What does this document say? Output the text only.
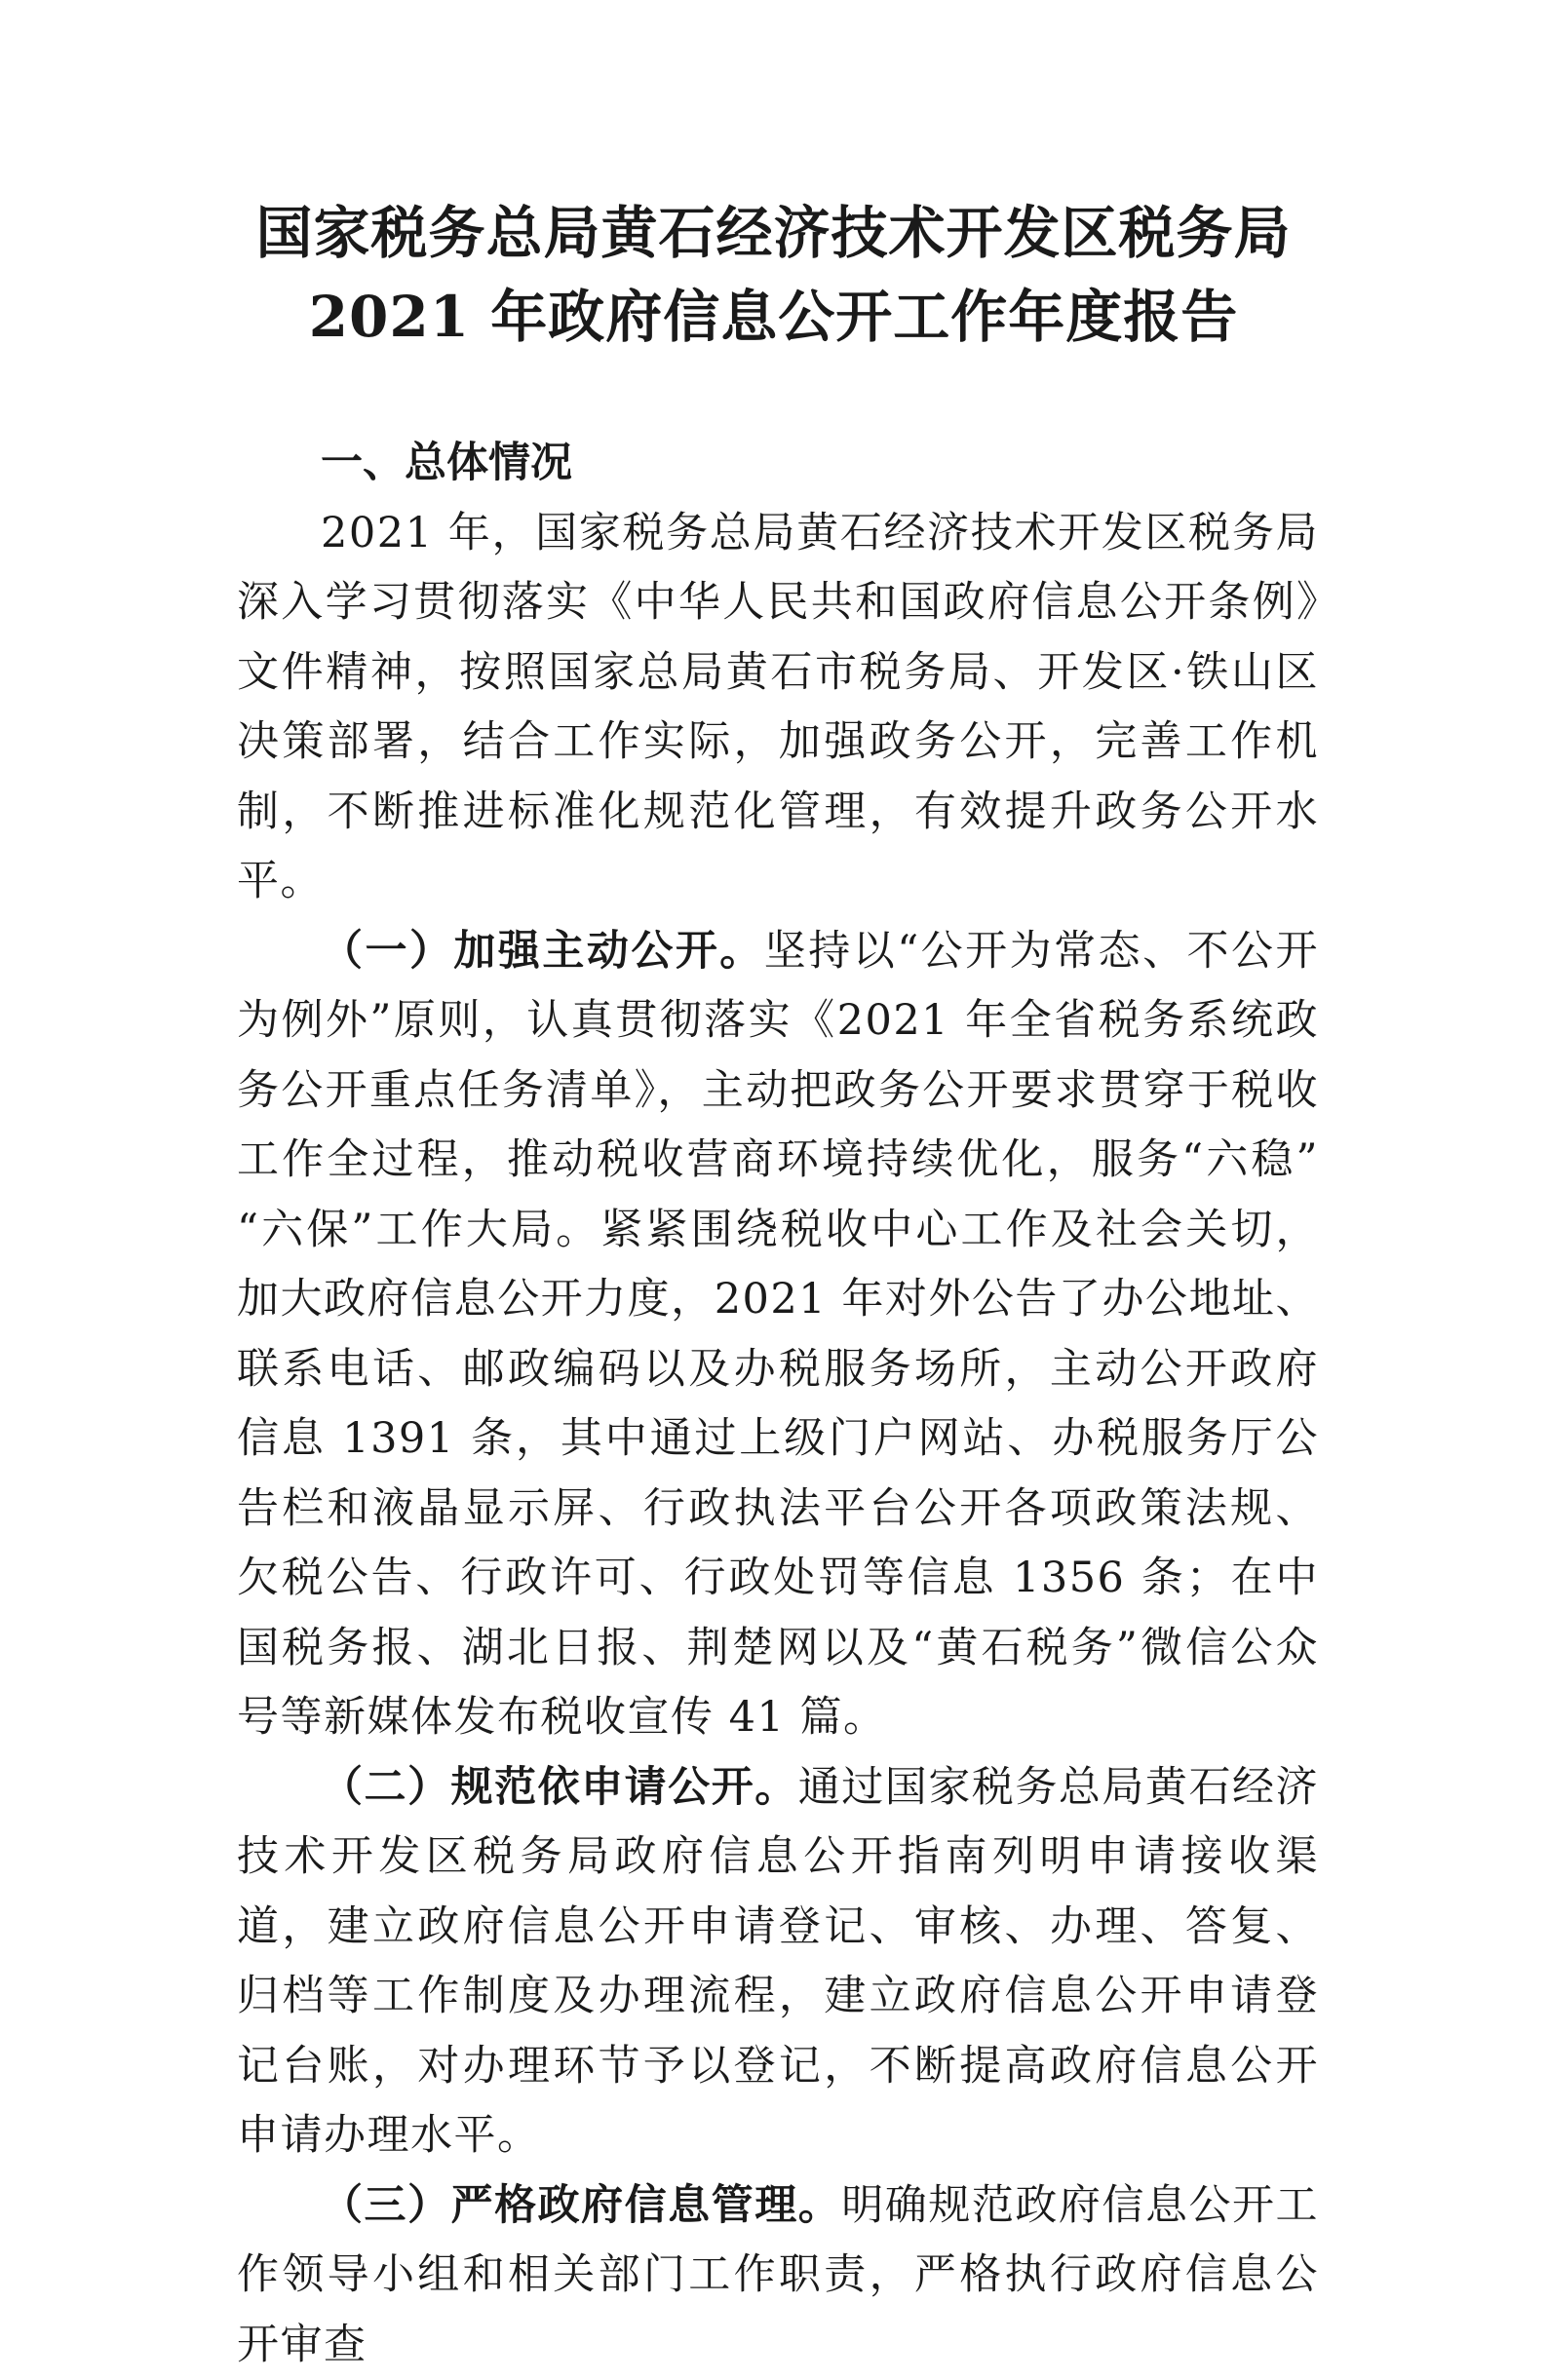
国家税务总局黄石经济技术开发区税务局
2021 年政府信息公开工作年度报告

一、总体情况

2021 年，国家税务总局黄石经济技术开发区税务局深入学习贯彻落实《中华人民共和国政府信息公开条例》文件精神，按照国家总局黄石市税务局、开发区·铁山区决策部署，结合工作实际，加强政务公开，完善工作机制，不断推进标准化规范化管理，有效提升政务公开水平。

（一）加强主动公开。坚持以“公开为常态、不公开为例外”原则，认真贯彻落实《2021 年全省税务系统政务公开重点任务清单》，主动把政务公开要求贯穿于税收工作全过程，推动税收营商环境持续优化，服务“六稳” “六保”工作大局。紧紧围绕税收中心工作及社会关切，加大政府信息公开力度，2021 年对外公告了办公地址、联系电话、邮政编码以及办税服务场所，主动公开政府信息 1391 条，其中通过上级门户网站、办税服务厅公告栏和液晶显示屏、行政执法平台公开各项政策法规、欠税公告、行政许可、行政处罚等信息 1356 条；在中国税务报、湖北日报、荆楚网以及“黄石税务”微信公众号等新媒体发布税收宣传 41 篇。

（二）规范依申请公开。通过国家税务总局黄石经济技术开发区税务局政府信息公开指南列明申请接收渠道，建立政府信息公开申请登记、审核、办理、答复、归档等工作制度及办理流程，建立政府信息公开申请登记台账，对办理环节予以登记，不断提高政府信息公开申请办理水平。

（三）严格政府信息管理。明确规范政府信息公开工作领导小组和相关部门工作职责，严格执行政府信息公开审查
